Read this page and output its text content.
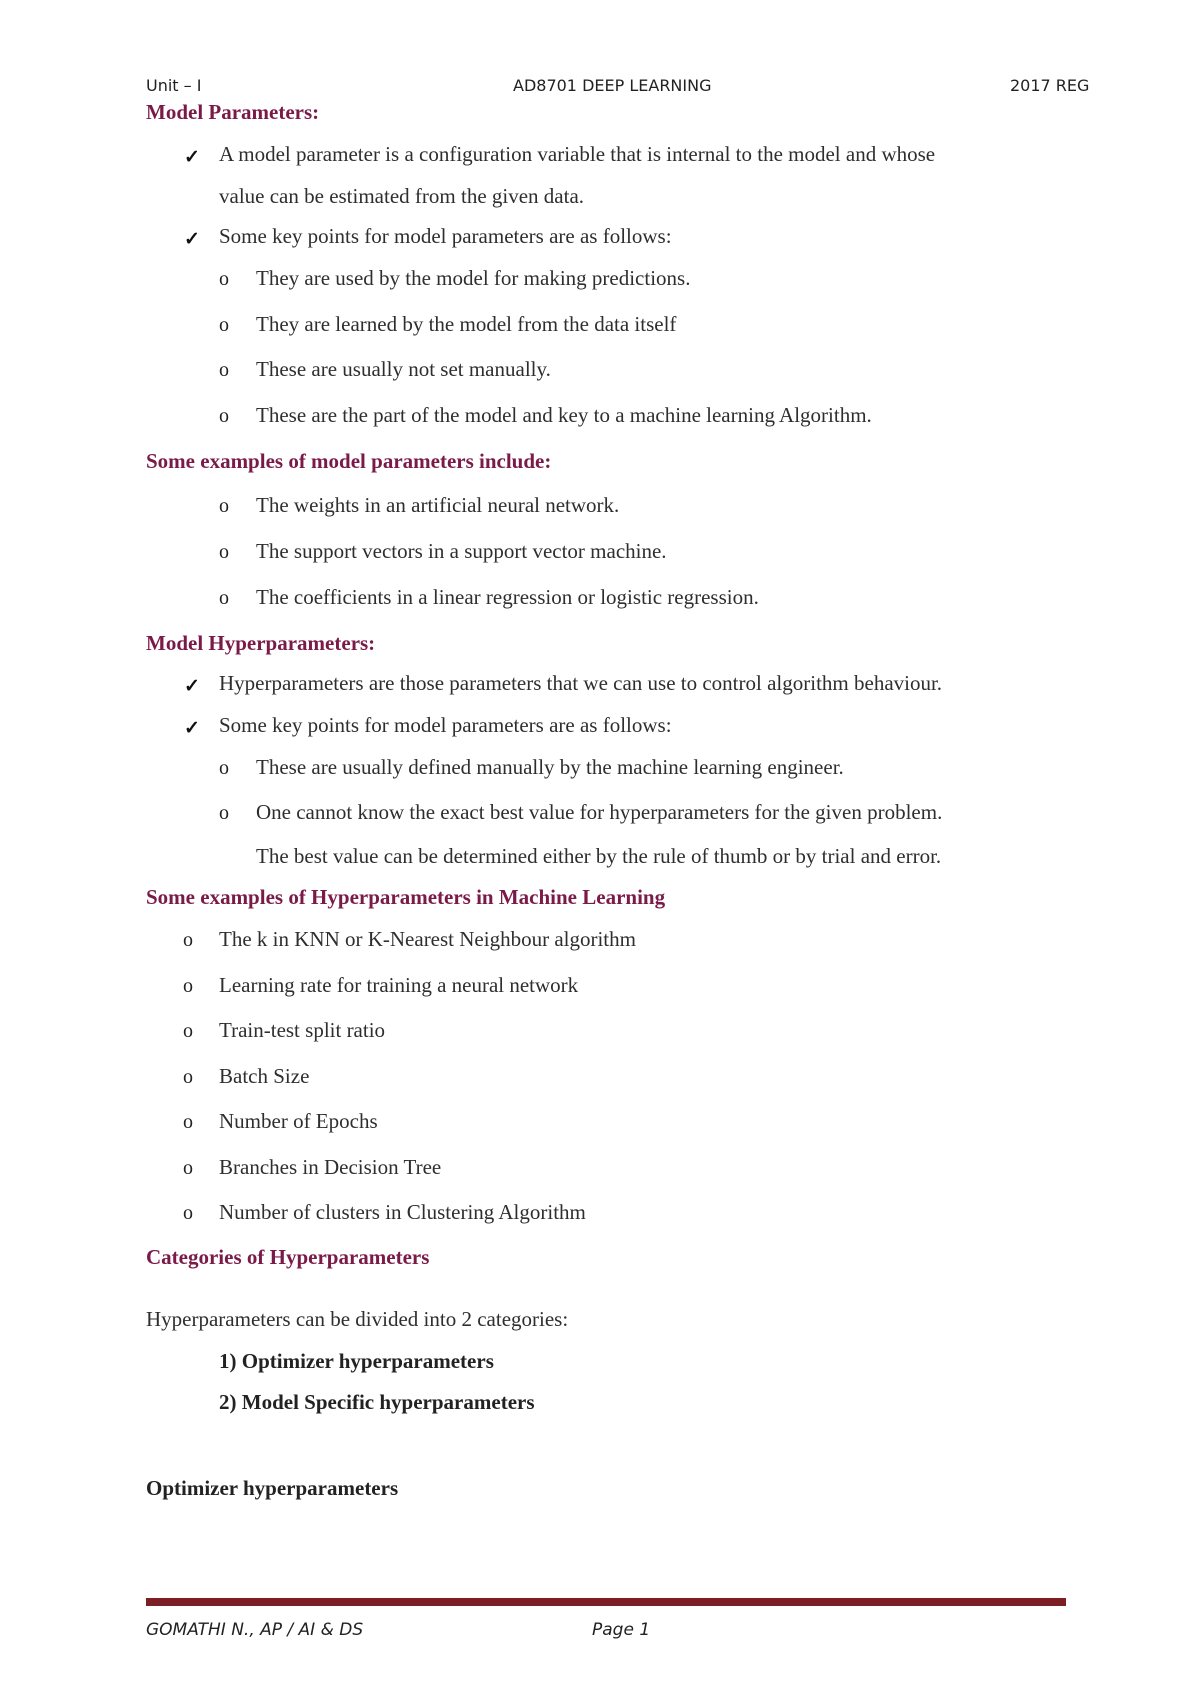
Unit – I	AD8701 DEEP LEARNING	2017 REG
Model Parameters:
✓ A model parameter is a configuration variable that is internal to the model and whose
value can be estimated from the given data.
✓ Some key points for model parameters are as follows:
o They are used by the model for making predictions.
o They are learned by the model from the data itself
o These are usually not set manually.
o These are the part of the model and key to a machine learning Algorithm.
Some examples of model parameters include:
o The weights in an artificial neural network.
o The support vectors in a support vector machine.
o The coefficients in a linear regression or logistic regression.
Model Hyperparameters:
✓ Hyperparameters are those parameters that we can use to control algorithm behaviour.
✓ Some key points for model parameters are as follows:
o These are usually defined manually by the machine learning engineer.
o One cannot know the exact best value for hyperparameters for the given problem.
The best value can be determined either by the rule of thumb or by trial and error.
Some examples of Hyperparameters in Machine Learning
o The k in KNN or K-Nearest Neighbour algorithm
o Learning rate for training a neural network
o Train-test split ratio
o Batch Size
o Number of Epochs
o Branches in Decision Tree
o Number of clusters in Clustering Algorithm
Categories of Hyperparameters
Hyperparameters can be divided into 2 categories:
1) Optimizer hyperparameters
2) Model Specific hyperparameters
Optimizer hyperparameters
GOMATHI N., AP / AI & DS	Page 1
